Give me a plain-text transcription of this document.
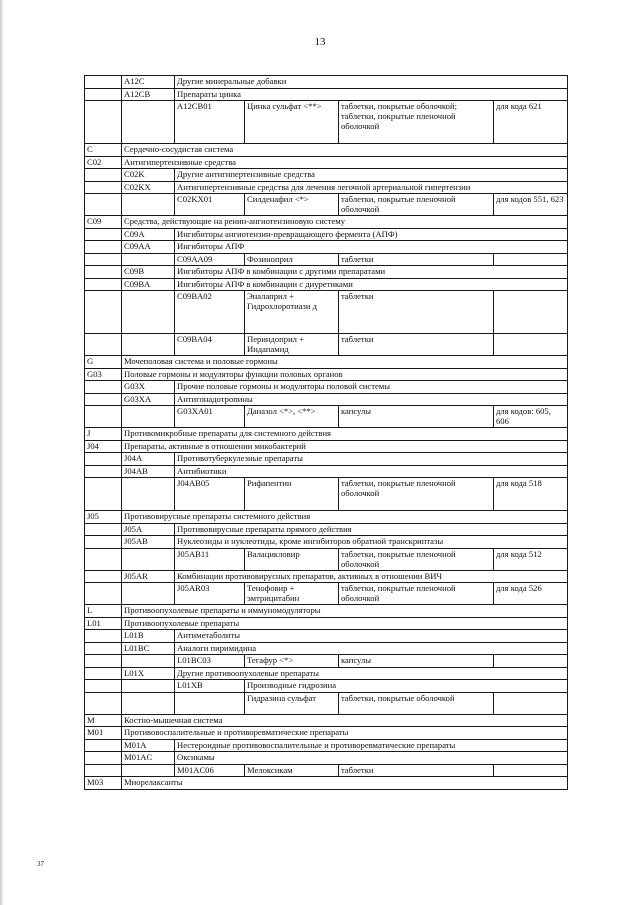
13
	A12C	Другие минеральные добавки			
	A12CB	Препараты цинка			
		A12CB01	Цинка сульфат <**>	таблетки, покрытые оболочкой; таблетки, покрытые пленочной оболочкой	для кода 621
C	Сердечно-сосудистая система				
C02	Антигипертензивные средства				
	C02K	Другие антигипертензивные средства			
	C02KX	Антигипертензивные средства для лечения легочной артериальной гипертензии			
		C02KX01	Силденафил <*>	таблетки, покрытые пленочной оболочкой	для кодов 551, 623
C09	Средства, действующие на ренин-ангиотензиновую систему				
	C09A	Ингибиторы ангиотензин-превращающего фермента (АПФ)			
	C09AA	Ингибиторы АПФ			
		C09AA09	Фозиноприл	таблетки	
	C09B	Ингибиторы АПФ в комбинации с другими препаратами			
	C09BA	Ингибиторы АПФ в комбинации с диуретиками			
		C09BA02	Эналаприл + Гидрохлоротиази д	таблетки	
		C09BA04	Периндоприл + Индапамид	таблетки	
G	Мочеполовая система и половые гормоны				
G03	Половые гормоны и модуляторы функции половых органов				
	G03X	Прочие половые гормоны и модуляторы половой системы			
	G03XA	Антигонадотропины			
		G03XA01	Даназол <*>, <**>	капсулы	для кодов: 605, 606
J	Противомикробные препараты для системного действия				
J04	Препараты, активные в отношении микобактерий				
	J04A	Противотуберкулезные препараты			
	J04AB	Антибиотики			
		J04AB05	Рифапентин	таблетки, покрытые пленочной оболочкой	для кода 518
J05	Противовирусные препараты системного действия				
	J05A	Противовирусные препараты прямого действия			
	J05AB	Нуклеозиды и нуклеотиды, кроме ингибиторов обратной транскриптазы			
		J05AB11	Валацикловир	таблетки, покрытые пленочной оболочкой	для кода 512
	J05AR	Комбинации противовирусных препаратов, активных в отношении ВИЧ			
		J05AR03	Тенофовир + эмтрицитабин	таблетки, покрытые пленочной оболочкой	для кода 526
L	Противоопухолевые препараты и иммуномодуляторы				
L01	Противоопухолевые препараты				
	L01B	Антиметаболиты			
	L01BC	Аналоги пиримидина			
		L01BC03	Тегафур <*>	капсулы	
	L01X	Другие противоопухолевые препараты			
		L01XB	Производные гидрозина		
			Гидразина сульфат	таблетки, покрытые оболочкой	
M	Костно-мышечная система				
M01	Противовоспалительные и противоревматические препараты				
	M01A	Нестероидные противовоспалительные и противоревматические препараты			
	M01AC	Оксикамы			
		M01AC06	Мелоксикам	таблетки	
M03	Миорелаксанты				
37
